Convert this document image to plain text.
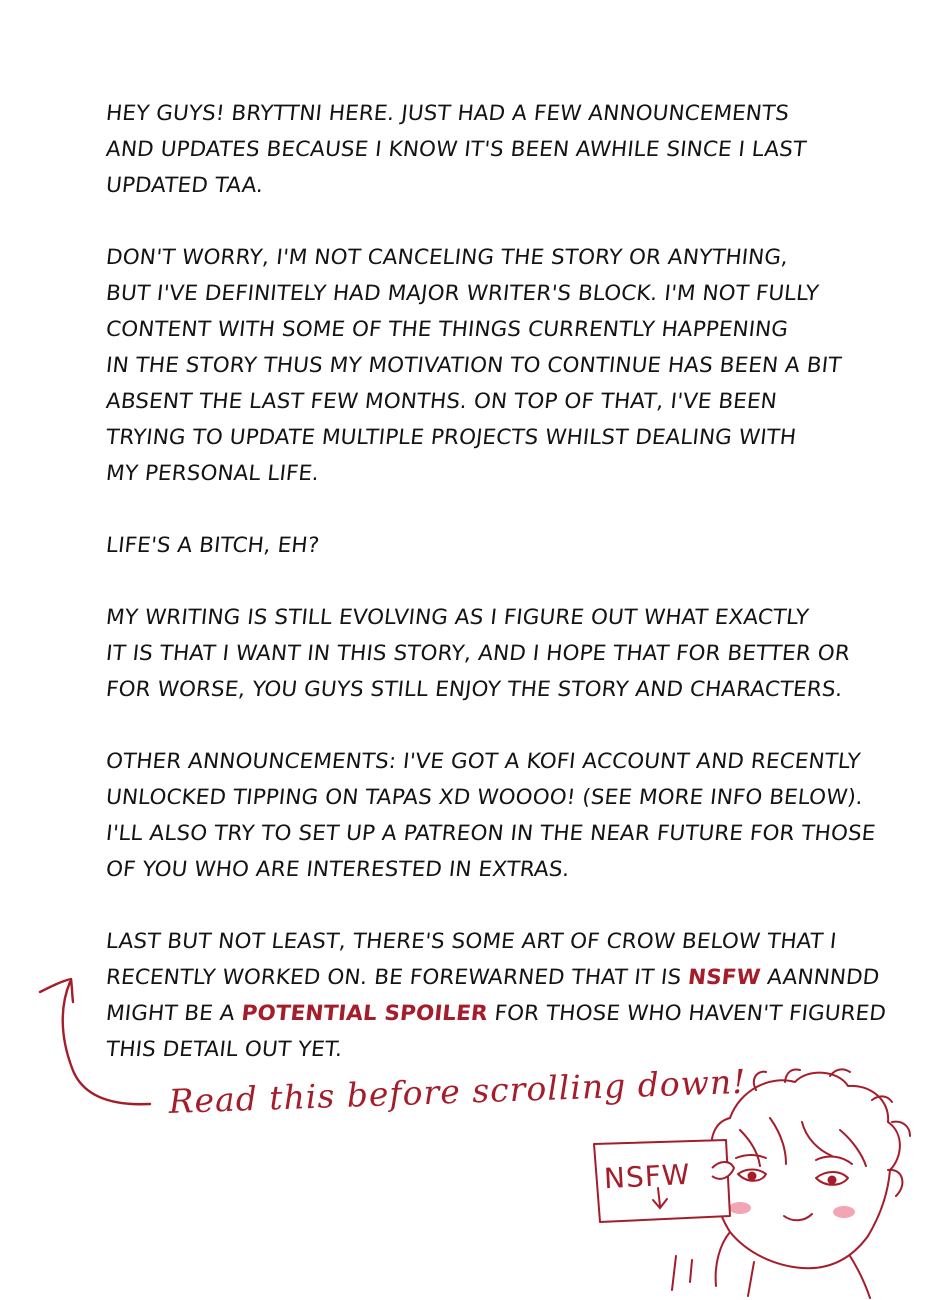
HEY GUYS! BRYTTNI HERE. JUST HAD A FEW ANNOUNCEMENTS
AND UPDATES BECAUSE I KNOW IT'S BEEN AWHILE SINCE I LAST
UPDATED TAA.
DON'T WORRY, I'M NOT CANCELING THE STORY OR ANYTHING,
BUT I'VE DEFINITELY HAD MAJOR WRITER'S BLOCK. I'M NOT FULLY
CONTENT WITH SOME OF THE THINGS CURRENTLY HAPPENING
IN THE STORY THUS MY MOTIVATION TO CONTINUE HAS BEEN A BIT
ABSENT THE LAST FEW MONTHS. ON TOP OF THAT, I'VE BEEN
TRYING TO UPDATE MULTIPLE PROJECTS WHILST DEALING WITH
MY PERSONAL LIFE.
LIFE'S A BITCH, EH?
MY WRITING IS STILL EVOLVING AS I FIGURE OUT WHAT EXACTLY
IT IS THAT I WANT IN THIS STORY, AND I HOPE THAT FOR BETTER OR
FOR WORSE, YOU GUYS STILL ENJOY THE STORY AND CHARACTERS.
OTHER ANNOUNCEMENTS: I'VE GOT A KOFI ACCOUNT AND RECENTLY
UNLOCKED TIPPING ON TAPAS XD WOOOO! (SEE MORE INFO BELOW).
I'LL ALSO TRY TO SET UP A PATREON IN THE NEAR FUTURE FOR THOSE
OF YOU WHO ARE INTERESTED IN EXTRAS.
LAST BUT NOT LEAST, THERE'S SOME ART OF CROW BELOW THAT I
RECENTLY WORKED ON. BE FOREWARNED THAT IT IS NSFW AANNNDD
MIGHT BE A POTENTIAL SPOILER FOR THOSE WHO HAVEN'T FIGURED
THIS DETAIL OUT YET.
Read this before scrolling down!
NSFW
